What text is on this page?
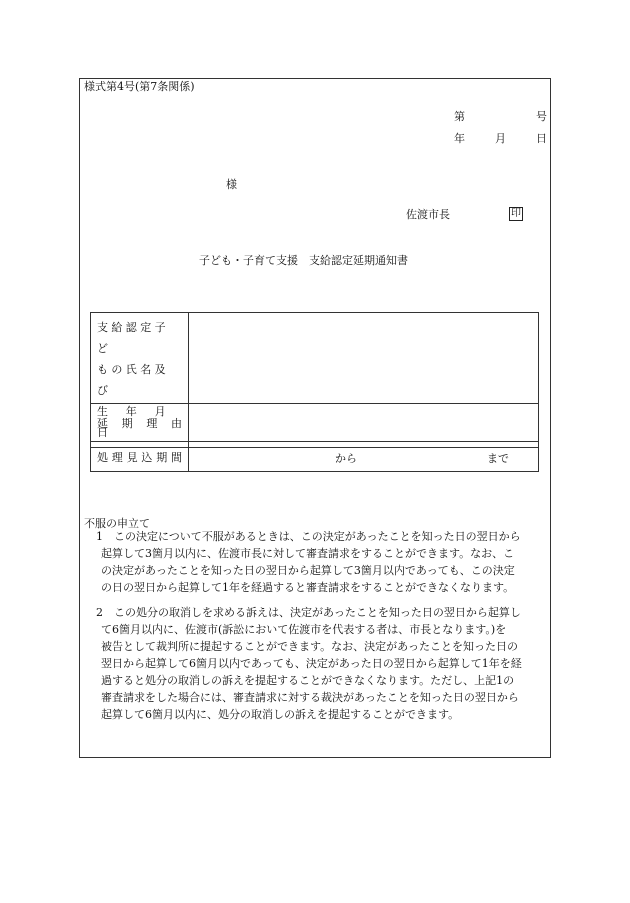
様式第4号(第7条関係)
第	号
年	月	日
様
佐渡市長	印
子ども・子育て支援　支給認定延期通知書
支給認定子ど
もの氏名及び
生　年　月　日

延期理由	
処理見込期間	から まで
不服の申立て
1　この決定について不服があるときは、この決定があったことを知った日の翌日から
起算して3箇月以内に、佐渡市長に対して審査請求をすることができます。なお、こ
の決定があったことを知った日の翌日から起算して3箇月以内であっても、この決定
の日の翌日から起算して1年を経過すると審査請求をすることができなくなります。
2　この処分の取消しを求める訴えは、決定があったことを知った日の翌日から起算し
て6箇月以内に、佐渡市(訴訟において佐渡市を代表する者は、市長となります。)を
被告として裁判所に提起することができます。なお、決定があったことを知った日の
翌日から起算して6箇月以内であっても、決定があった日の翌日から起算して1年を経
過すると処分の取消しの訴えを提起することができなくなります。ただし、上記1の
審査請求をした場合には、審査請求に対する裁決があったことを知った日の翌日から
起算して6箇月以内に、処分の取消しの訴えを提起することができます。
